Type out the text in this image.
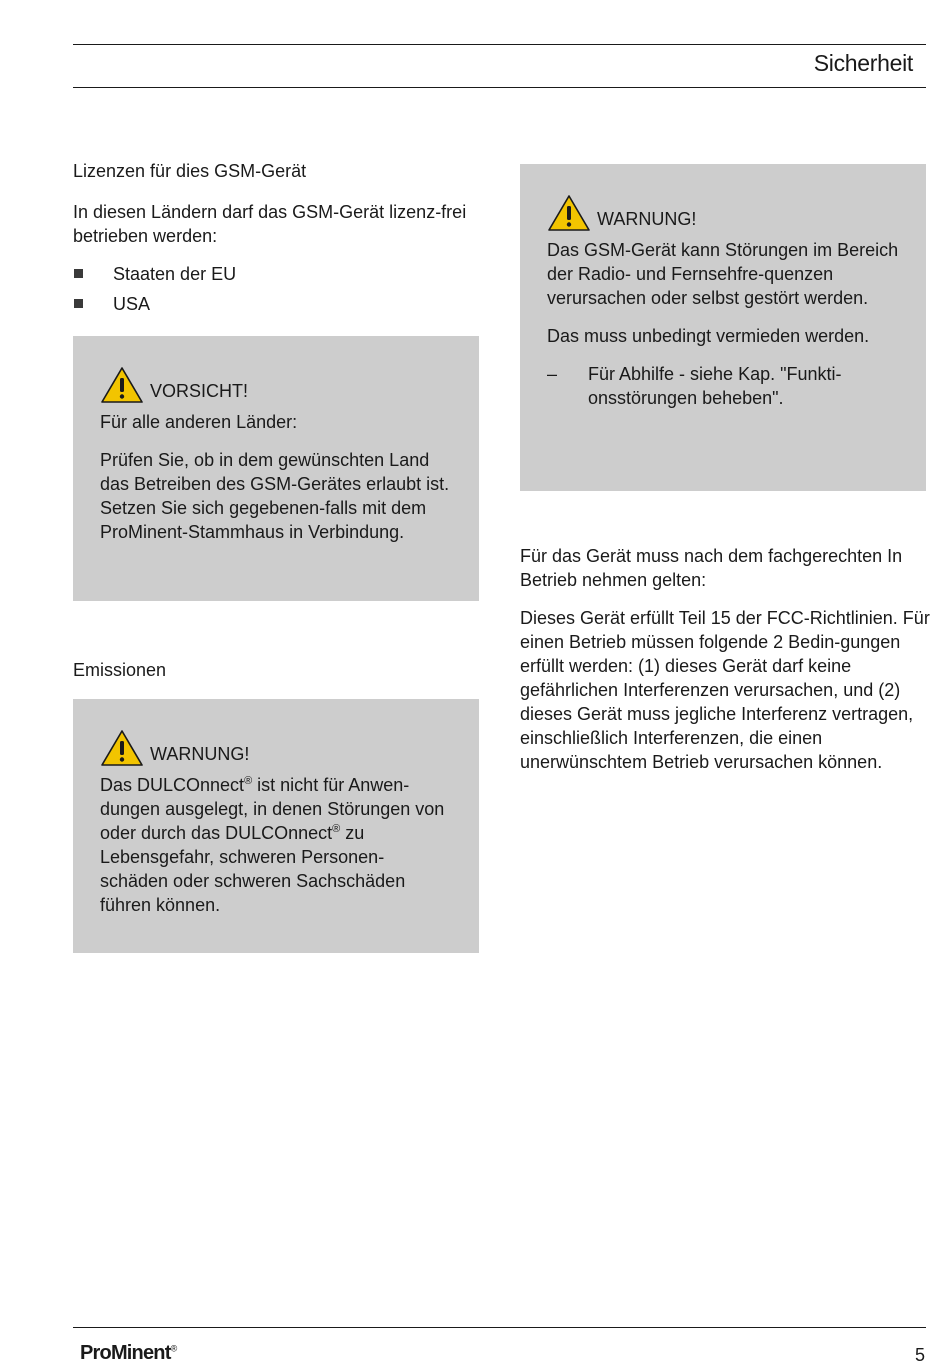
Sicherheit
Lizenzen für dies GSM-Gerät

In diesen Ländern darf das GSM-Gerät lizenz-frei betrieben werden:

Staaten der EU
USA
VORSICHT!

Für alle anderen Länder:

Prüfen Sie, ob in dem gewünschten Land das Betreiben des GSM-Gerätes erlaubt ist. Setzen Sie sich gegebenen-falls mit dem ProMinent-Stammhaus in Verbindung.

Emissionen
WARNUNG!

Das DULCOnnect® ist nicht für Anwen-dungen ausgelegt, in denen Störungen von oder durch das DULCOnnect® zu Lebensgefahr, schweren Personen-schäden oder schweren Sachschäden führen können.

WARNUNG!

Das GSM-Gerät kann Störungen im Bereich der Radio- und Fernsehfre-quenzen verursachen oder selbst gestört werden.

Das muss unbedingt vermieden werden.

– Für Abhilfe - siehe Kap. "Funkti-onsstörungen beheben".

Für das Gerät muss nach dem fachgerechten In Betrieb nehmen gelten:

Dieses Gerät erfüllt Teil 15 der FCC-Richtlinien. Für einen Betrieb müssen folgende 2 Bedin-gungen erfüllt werden: (1) dieses Gerät darf keine gefährlichen Interferenzen verursachen, und (2) dieses Gerät muss jegliche Interferenz vertragen, einschließlich Interferenzen, die einen unerwünschtem Betrieb verursachen können.

ProMinent®	5
